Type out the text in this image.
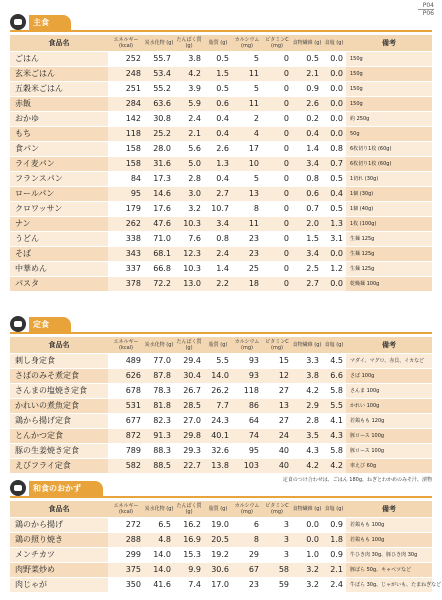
P04
P06
主食
食品名	エネルギー (kcal)	炭水化物 (g)	たんぱく質 (g)	脂質 (g)	カルシウム (mg)	ビタミンC (mg)	食物繊維 (g)	食塩 (g)	備考
ごはん	252	55.7	3.8	0.5	5	0	0.5	0.0	150g
玄米ごはん	248	53.4	4.2	1.5	11	0	2.1	0.0	150g
五穀米ごはん	251	55.2	3.9	0.5	5	0	0.9	0.0	150g
赤飯	284	63.6	5.9	0.6	11	0	2.6	0.0	150g
おかゆ	142	30.8	2.4	0.4	2	0	0.2	0.0	約 250g
もち	118	25.2	2.1	0.4	4	0	0.4	0.0	50g
食パン	158	28.0	5.6	2.6	17	0	1.4	0.8	6枚切り1枚 (60g)
ライ麦パン	158	31.6	5.0	1.3	10	0	3.4	0.7	6枚切り1枚 (60g)
フランスパン	84	17.3	2.8	0.4	5	0	0.8	0.5	1切れ (30g)
ロールパン	95	14.6	3.0	2.7	13	0	0.6	0.4	1個 (30g)
クロワッサン	179	17.6	3.2	10.7	8	0	0.7	0.5	1個 (40g)
ナン	262	47.6	10.3	3.4	11	0	2.0	1.3	1枚 (100g)
うどん	338	71.0	7.6	0.8	23	0	1.5	3.1	生麺 125g
そば	343	68.1	12.3	2.4	23	0	3.4	0.0	生麺 125g
中華めん	337	66.8	10.3	1.4	25	0	2.5	1.2	生麺 125g
パスタ	378	72.2	13.0	2.2	18	0	2.7	0.0	乾燥麺 100g
定食
食品名	エネルギー (kcal)	炭水化物 (g)	たんぱく質 (g)	脂質 (g)	カルシウム (mg)	ビタミンC (mg)	食物繊維 (g)	食塩 (g)	備考
刺し身定食	489	77.0	29.4	5.5	93	15	3.3	4.5	マダイ、マグロ、赤貝、イカなど
さばのみそ煮定食	626	87.8	30.4	14.0	93	12	3.8	6.6	さば 100g
さんまの塩焼き定食	678	78.3	26.7	26.2	118	27	4.2	5.8	さんま 100g
かれいの煮魚定食	531	81.8	28.5	7.7	86	13	2.9	5.5	かれい 100g
鶏から揚げ定食	677	82.3	27.0	24.3	64	27	2.8	4.1	若鶏もも 120g
とんかつ定食	872	91.3	29.8	40.1	74	24	3.5	4.3	豚ロース 100g
豚の生姜焼き定食	789	88.3	29.3	32.6	95	40	4.3	5.8	豚ロース 100g
えびフライ定食	582	88.5	22.7	13.8	103	40	4.2	4.2	車えび 60g
定食のつけ合わせは、ごはん 180g、ねぎとわかめのみそ汁、漬物
和食のおかず
食品名	エネルギー (kcal)	炭水化物 (g)	たんぱく質 (g)	脂質 (g)	カルシウム (mg)	ビタミンC (mg)	食物繊維 (g)	食塩 (g)	備考
鶏のから揚げ	272	6.5	16.2	19.0	6	3	0.0	0.9	若鶏もも 100g
鶏の照り焼き	288	4.8	16.9	20.5	8	3	0.0	1.8	若鶏もも 100g
メンチカツ	299	14.0	15.3	19.2	29	3	1.0	0.9	牛ひき肉 30g、豚ひき肉 30g
肉野菜炒め	375	14.0	9.9	30.6	67	58	3.2	2.1	豚ばら 50g、キャベツなど
肉じゃが	350	41.6	7.4	17.0	23	59	3.2	2.4	牛ばら 30g、じゃがいも、たまねぎなど
